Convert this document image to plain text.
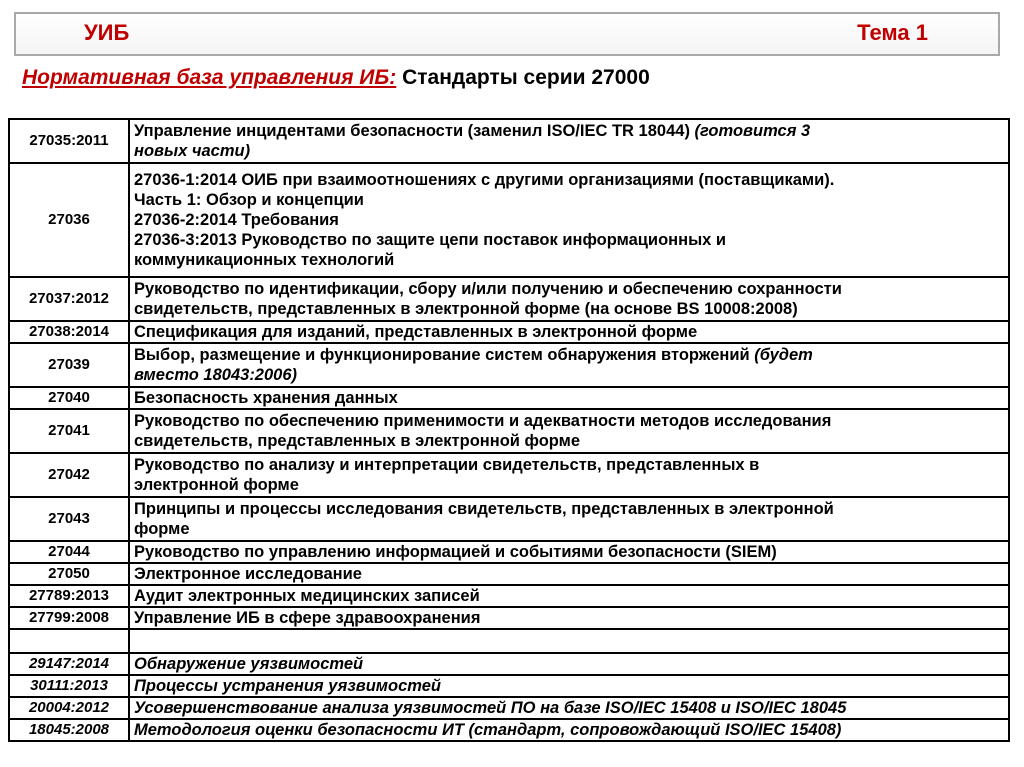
УИБ	Тема 1
Нормативная база управления ИБ: Стандарты серии 27000
27035:2011	Управление инцидентами безопасности (заменил ISO/IEC TR 18044) (готовится 3
новых части)

27036	27036-1:2014 ОИБ при взаимоотношениях с другими организациями (поставщиками).
Часть 1: Обзор и концепции
27036-2:2014 Требования
27036-3:2013 Руководство по защите цепи поставок информационных и
коммуникационных технологий

27037:2012	Руководство по идентификации, сбору и/или получению и обеспечению сохранности
свидетельств, представленных в электронной форме (на основе BS 10008:2008)

27038:2014	Спецификация для изданий, представленных в электронной форме

27039	Выбор, размещение и функционирование систем обнаружения вторжений (будет
вместо 18043:2006)

27040	Безопасность хранения данных

27041	Руководство по обеспечению применимости и адекватности методов исследования
свидетельств, представленных в электронной форме

27042	Руководство по анализу и интерпретации свидетельств, представленных в
электронной форме

27043	Принципы и процессы исследования свидетельств, представленных в электронной
форме

27044	Руководство по управлению информацией и событиями безопасности (SIEM)

27050	Электронное исследование

27789:2013	Аудит электронных медицинских записей

27799:2008	Управление ИБ в сфере здравоохранения

29147:2014	Обнаружение уязвимостей

30111:2013	Процессы устранения уязвимостей

20004:2012	Усовершенствование анализа уязвимостей ПО на базе ISO/IEC 15408 и ISO/IEC 18045

18045:2008	Методология оценки безопасности ИТ (стандарт, сопровождающий ISO/IEC 15408)
